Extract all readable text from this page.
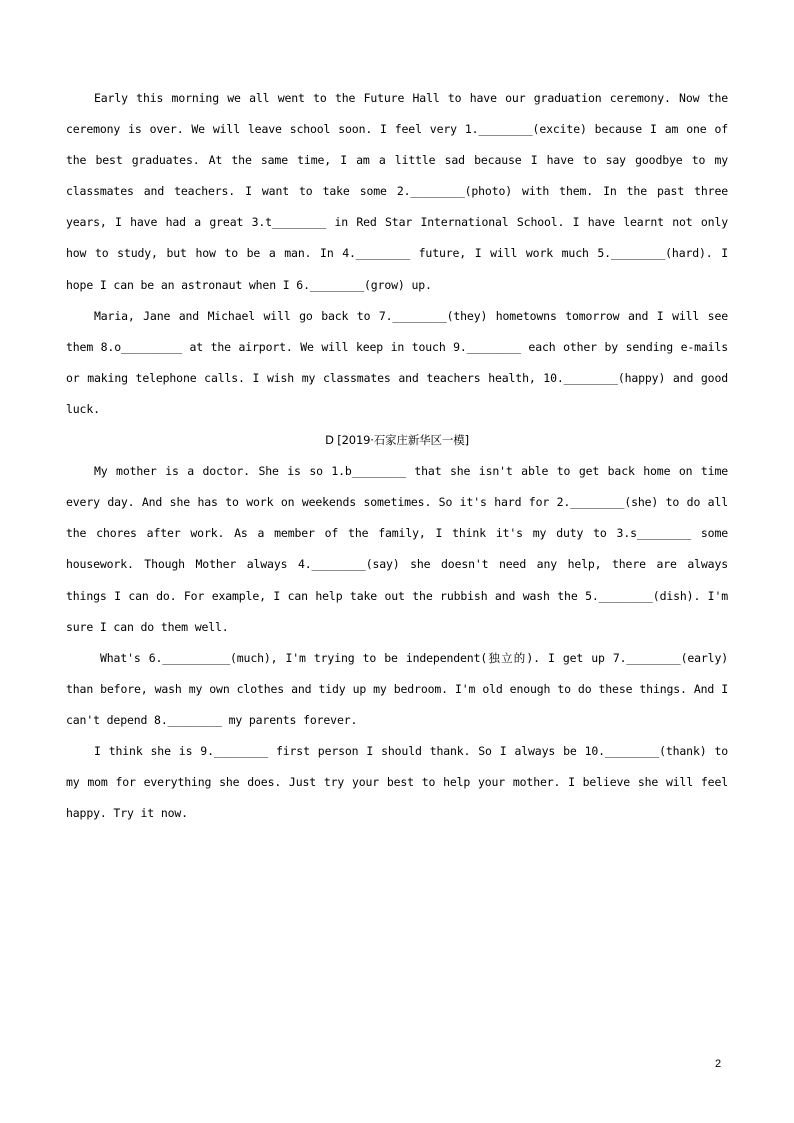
Early this morning we all went to the Future Hall to have our graduation ceremony. Now the ceremony is over. We will leave school soon. I feel very 1.________(excite) because I am one of the best graduates. At the same time, I am a little sad because I have to say goodbye to my classmates and teachers. I want to take some 2.________(photo) with them. In the past three years, I have had a great 3.t________ in Red Star International School. I have learnt not only how to study, but how to be a man. In 4.________ future, I will work much 5.________(hard). I hope I can be an astronaut when I 6.________(grow) up.

Maria, Jane and Michael will go back to 7.________(they) hometowns tomorrow and I will see them 8.o_________ at the airport. We will keep in touch 9.________ each other by sending e-mails or making telephone calls. I wish my classmates and teachers health, 10.________(happy) and good luck.

D [2019·石家庄新华区一模]

My mother is a doctor. She is so 1.b________ that she isn't able to get back home on time every day. And she has to work on weekends sometimes. So it's hard for 2.________(she) to do all the chores after work. As a member of the family, I think it's my duty to 3.s________ some housework. Though Mother always 4.________(say) she doesn't need any help, there are always things I can do. For example, I can help take out the rubbish and wash the 5.________(dish). I'm sure I can do them well.

What's 6.__________(much), I'm trying to be independent(独立的). I get up 7.________(early) than before, wash my own clothes and tidy up my bedroom. I'm old enough to do these things. And I can't depend 8.________ my parents forever.

I think she is 9.________ first person I should thank. So I always be 10.________(thank) to my mom for everything she does. Just try your best to help your mother. I believe she will feel happy. Try it now.

2
